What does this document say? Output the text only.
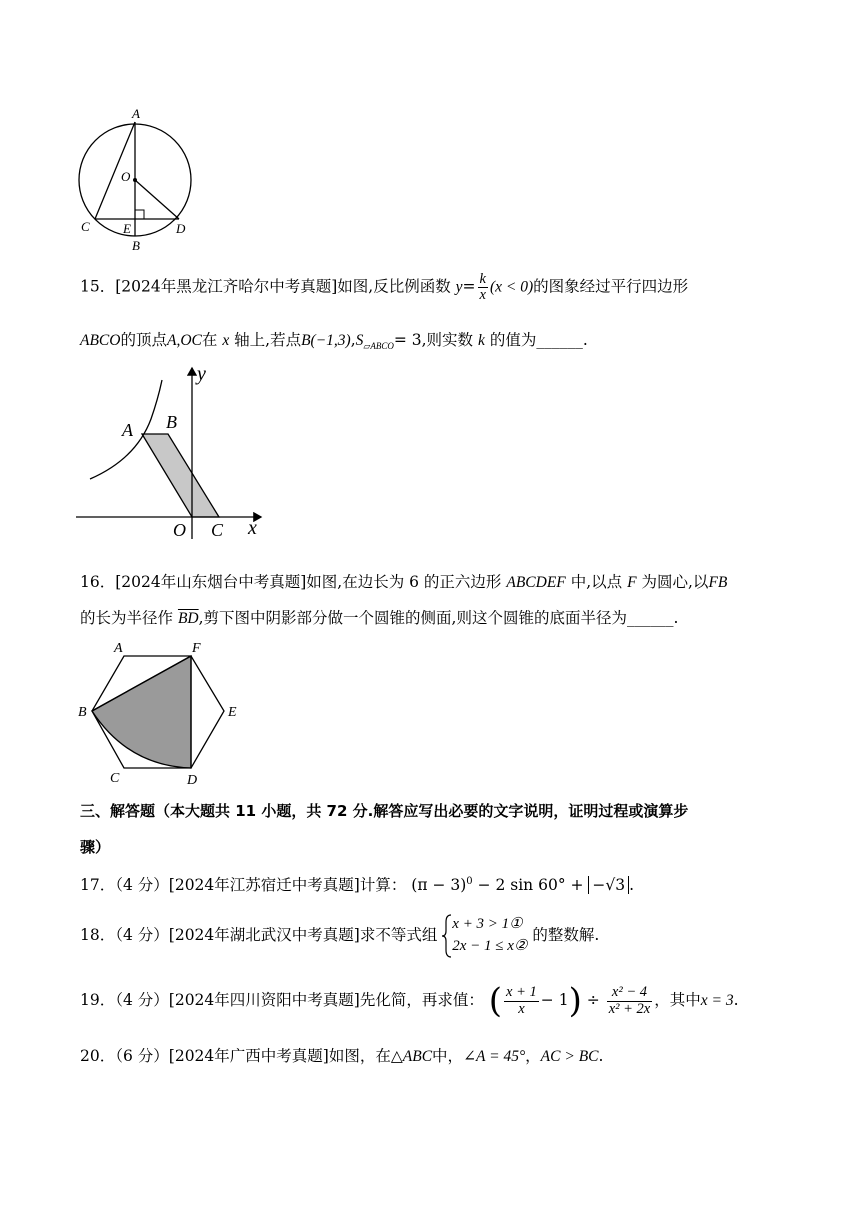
A
O
C	E
B
D
15．[2024年黑龙江齐哈尔中考真题]如图,反比例函数 $y= \frac{k}{x} (x < 0)$的图象经过平行四边形
ABCO的顶点A,OC在 x 轴上,若点$B(-1,3),S_{▱ABCO}= 3$,则实数 k 的值为______.
y
A B
O C x
16．[2024年山东烟台中考真题]如图,在边长为 6 的正六边形 ABCDEF 中,以点 F 为圆心,以FB
的长为半径作 $\overline{BD}$,剪下图中阴影部分做一个圆锥的侧面,则这个圆锥的底面半径为______.
A	F
B	E
C	D
三、解答题（本大题共 11 小题，共 72 分.解答应写出必要的文字说明，证明过程或演算步
骤）
17．（4 分）[2024年江苏宿迁中考真题]计算： $(\pi - 3)^0 - 2$ sin 60° + −√3 .
18．（4 分）[2024年湖北武汉中考真题]求不等式组
x + 3 > 1①
2x − 1 ≤ x②
的整数解.
19．（4 分）[2024年四川资阳中考真题]先化简，再求值： ( $\frac{x + 1}{x} - 1) \div \frac{\text{x² − 4}}{\text{x² + 2x}}$ ，其中x = 3.
20．（6 分）[2024年广西中考真题]如图，在△ABC中，∠A = 45°，AC > BC.
